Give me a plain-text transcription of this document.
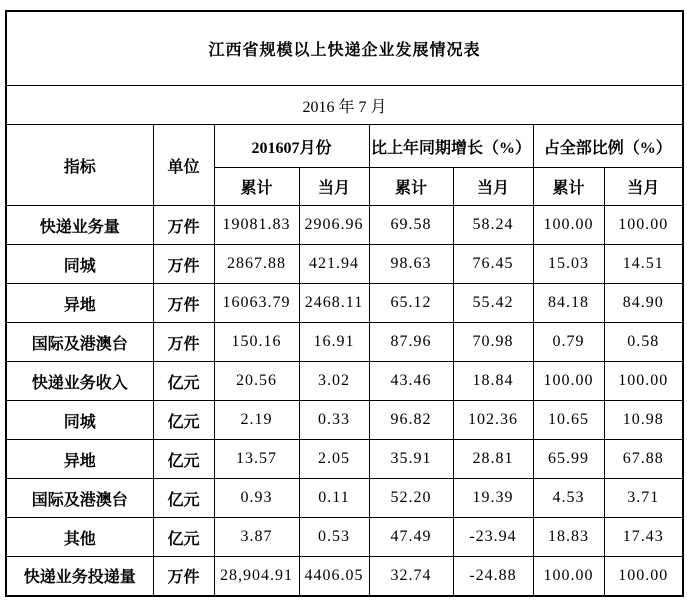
江西省规模以上快递企业发展情况表							
2016 年 7 月							
指标	单位	201607月份		比上年同期增长（%）		占全部比例（%）	
		累计	当月	累计	当月	累计	当月
快递业务量	万件	19081.83	2906.96	69.58	58.24	100.00	100.00
同城	万件	2867.88	421.94	98.63	76.45	15.03	14.51
异地	万件	16063.79	2468.11	65.12	55.42	84.18	84.90
国际及港澳台	万件	150.16	16.91	87.96	70.98	0.79	0.58
快递业务收入	亿元	20.56	3.02	43.46	18.84	100.00	100.00
同城	亿元	2.19	0.33	96.82	102.36	10.65	10.98
异地	亿元	13.57	2.05	35.91	28.81	65.99	67.88
国际及港澳台	亿元	0.93	0.11	52.20	19.39	4.53	3.71
其他	亿元	3.87	0.53	47.49	-23.94	18.83	17.43
快递业务投递量	万件	28,904.91	4406.05	32.74	-24.88	100.00	100.00
